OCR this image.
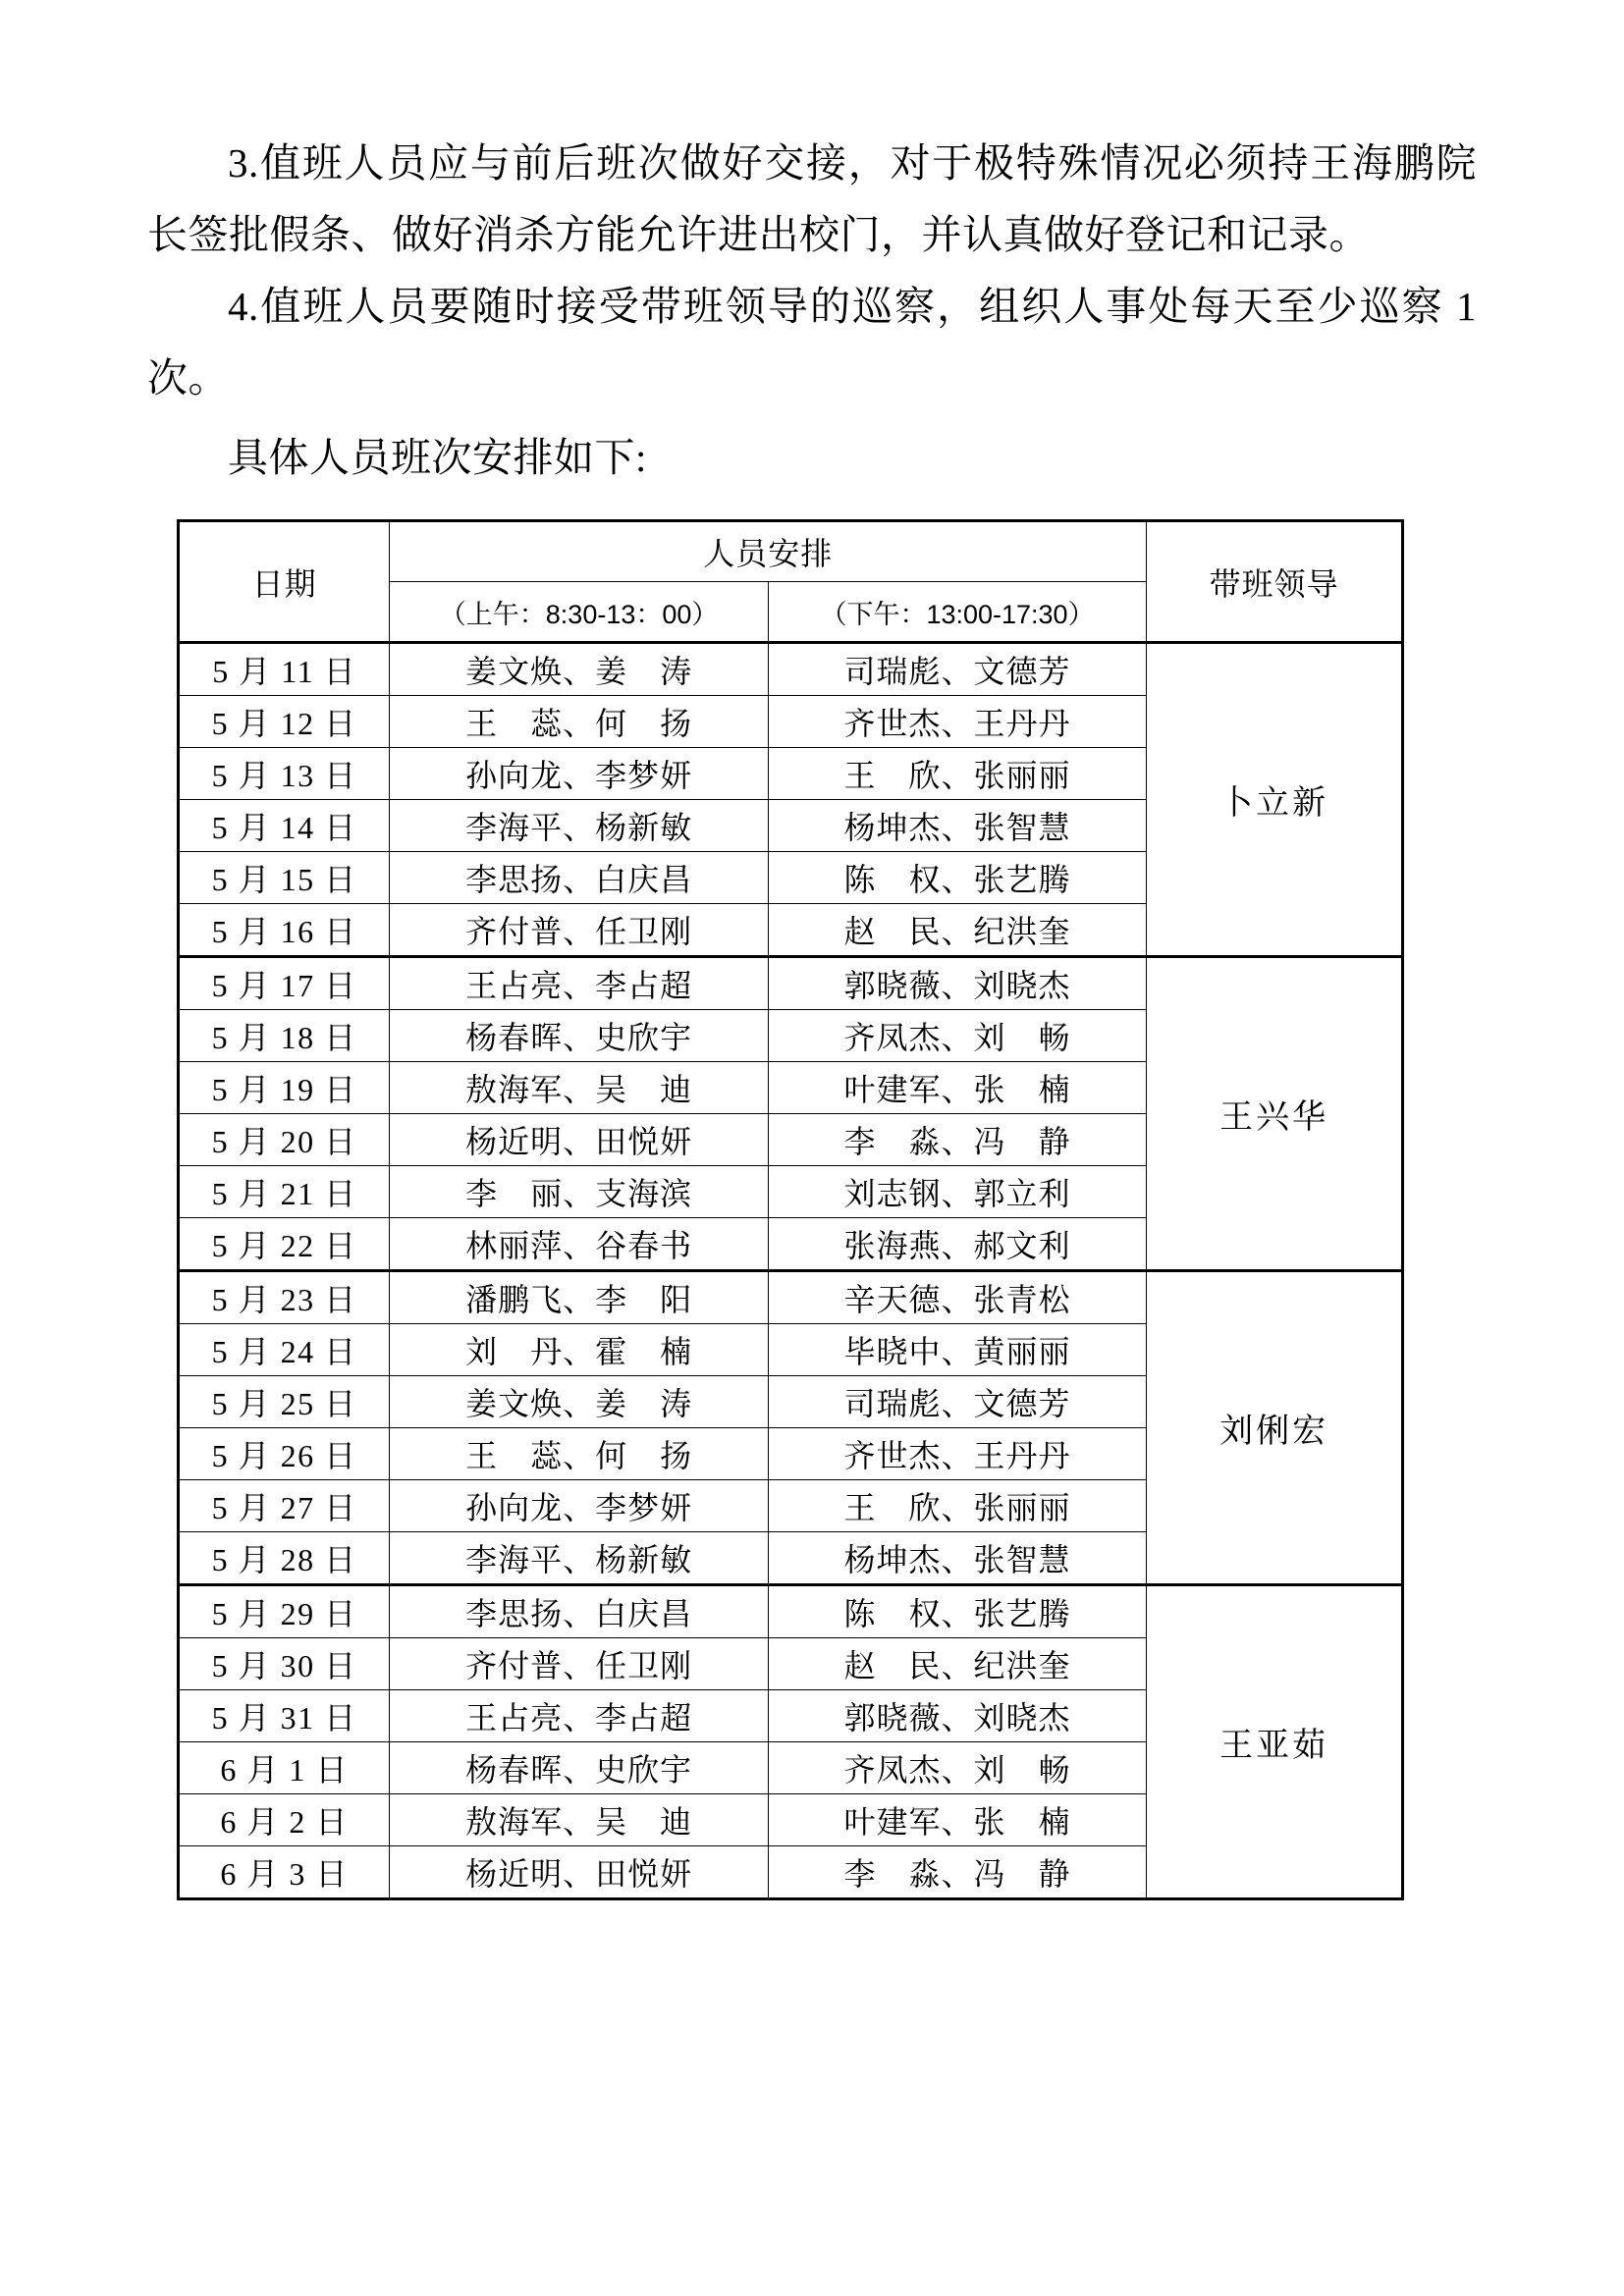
3.值班人员应与前后班次做好交接，对于极特殊情况必须持王海鹏院长签批假条、做好消杀方能允许进出校门，并认真做好登记和记录。

4.值班人员要随时接受带班领导的巡察，组织人事处每天至少巡察 1 次。

具体人员班次安排如下:

日期	人员安排		带班领导
	（上午：8:30-13：00）	（下午：13:00-17:30）	
5 月 11 日	姜文焕、姜　涛	司瑞彪、文德芳	卜立新
5 月 12 日	王　蕊、何　扬	齐世杰、王丹丹	
5 月 13 日	孙向龙、李梦妍	王　欣、张丽丽	
5 月 14 日	李海平、杨新敏	杨坤杰、张智慧	
5 月 15 日	李思扬、白庆昌	陈　权、张艺腾	
5 月 16 日	齐付普、任卫刚	赵　民、纪洪奎	
5 月 17 日	王占亮、李占超	郭晓薇、刘晓杰	王兴华
5 月 18 日	杨春晖、史欣宇	齐凤杰、刘　畅	
5 月 19 日	敖海军、吴　迪	叶建军、张　楠	
5 月 20 日	杨近明、田悦妍	李　淼、冯　静	
5 月 21 日	李　丽、支海滨	刘志钢、郭立利	
5 月 22 日	林丽萍、谷春书	张海燕、郝文利	
5 月 23 日	潘鹏飞、李　阳	辛天德、张青松	刘俐宏
5 月 24 日	刘　丹、霍　楠	毕晓中、黄丽丽	
5 月 25 日	姜文焕、姜　涛	司瑞彪、文德芳	
5 月 26 日	王　蕊、何　扬	齐世杰、王丹丹	
5 月 27 日	孙向龙、李梦妍	王　欣、张丽丽	
5 月 28 日	李海平、杨新敏	杨坤杰、张智慧	
5 月 29 日	李思扬、白庆昌	陈　权、张艺腾	王亚茹
5 月 30 日	齐付普、任卫刚	赵　民、纪洪奎	
5 月 31 日	王占亮、李占超	郭晓薇、刘晓杰	
6 月 1 日	杨春晖、史欣宇	齐凤杰、刘　畅	
6 月 2 日	敖海军、吴　迪	叶建军、张　楠	
6 月 3 日	杨近明、田悦妍	李　淼、冯　静	
